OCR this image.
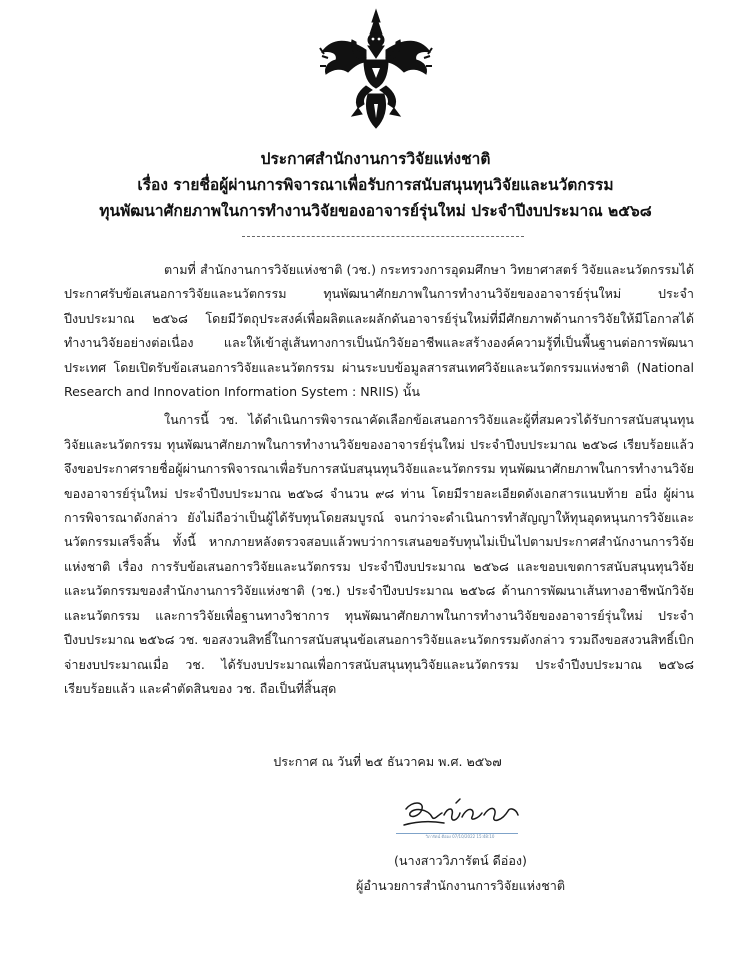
ประกาศสำนักงานการวิจัยแห่งชาติ
เรื่อง รายชื่อผู้ผ่านการพิจารณาเพื่อรับการสนับสนุนทุนวิจัยและนวัตกรรม
ทุนพัฒนาศักยภาพในการทำงานวิจัยของอาจารย์รุ่นใหม่ ประจำปีงบประมาณ ๒๕๖๘

ตามที่ สำนักงานการวิจัยแห่งชาติ (วช.) กระทรวงการอุดมศึกษา วิทยาศาสตร์ วิจัยและนวัตกรรมได้ประกาศรับข้อเสนอการวิจัยและนวัตกรรม ทุนพัฒนาศักยภาพในการทำงานวิจัยของอาจารย์รุ่นใหม่ ประจำปีงบประมาณ ๒๕๖๘ โดยมีวัตถุประสงค์เพื่อผลิตและผลักดันอาจารย์รุ่นใหม่ที่มีศักยภาพด้านการวิจัยให้มีโอกาสได้ทำงานวิจัยอย่างต่อเนื่อง และให้เข้าสู่เส้นทางการเป็นนักวิจัยอาชีพและสร้างองค์ความรู้ที่เป็นพื้นฐานต่อการพัฒนาประเทศ โดยเปิดรับข้อเสนอการวิจัยและนวัตกรรม ผ่านระบบข้อมูลสารสนเทศวิจัยและนวัตกรรมแห่งชาติ (National Research and Innovation Information System : NRIIS) นั้น

ในการนี้ วช. ได้ดำเนินการพิจารณาคัดเลือกข้อเสนอการวิจัยและผู้ที่สมควรได้รับการสนับสนุนทุนวิจัยและนวัตกรรม ทุนพัฒนาศักยภาพในการทำงานวิจัยของอาจารย์รุ่นใหม่ ประจำปีงบประมาณ ๒๕๖๘ เรียบร้อยแล้ว จึงขอประกาศรายชื่อผู้ผ่านการพิจารณาเพื่อรับการสนับสนุนทุนวิจัยและนวัตกรรม ทุนพัฒนาศักยภาพในการทำงานวิจัยของอาจารย์รุ่นใหม่ ประจำปีงบประมาณ ๒๕๖๘ จำนวน ๙๘ ท่าน โดยมีรายละเอียดดังเอกสารแนบท้าย อนึ่ง ผู้ผ่านการพิจารณาดังกล่าว ยังไม่ถือว่าเป็นผู้ได้รับทุนโดยสมบูรณ์ จนกว่าจะดำเนินการทำสัญญาให้ทุนอุดหนุนการวิจัยและนวัตกรรมเสร็จสิ้น ทั้งนี้ หากภายหลังตรวจสอบแล้วพบว่าการเสนอขอรับทุนไม่เป็นไปตามประกาศสำนักงานการวิจัยแห่งชาติ เรื่อง การรับข้อเสนอการวิจัยและนวัตกรรม ประจำปีงบประมาณ ๒๕๖๘ และขอบเขตการสนับสนุนทุนวิจัยและนวัตกรรมของสำนักงานการวิจัยแห่งชาติ (วช.) ประจำปีงบประมาณ ๒๕๖๘ ด้านการพัฒนาเส้นทางอาชีพนักวิจัยและนวัตกรรม และการวิจัยเพื่อฐานทางวิชาการ ทุนพัฒนาศักยภาพในการทำงานวิจัยของอาจารย์รุ่นใหม่ ประจำปีงบประมาณ ๒๕๖๘ วช. ขอสงวนสิทธิ์ในการสนับสนุนข้อเสนอการวิจัยและนวัตกรรมดังกล่าว รวมถึงขอสงวนสิทธิ์เบิกจ่ายงบประมาณเมื่อ วช. ได้รับงบประมาณเพื่อการสนับสนุนทุนวิจัยและนวัตกรรม ประจำปีงบประมาณ ๒๕๖๘ เรียบร้อยแล้ว และคำตัดสินของ วช. ถือเป็นที่สิ้นสุด

ประกาศ ณ วันที่ ๒๕ ธันวาคม พ.ศ. ๒๕๖๗
วิภารัตน์ ดีอ่อง 07/10/2022 15:48:10
(นางสาววิภารัตน์ ดีอ่อง)
ผู้อำนวยการสำนักงานการวิจัยแห่งชาติ
